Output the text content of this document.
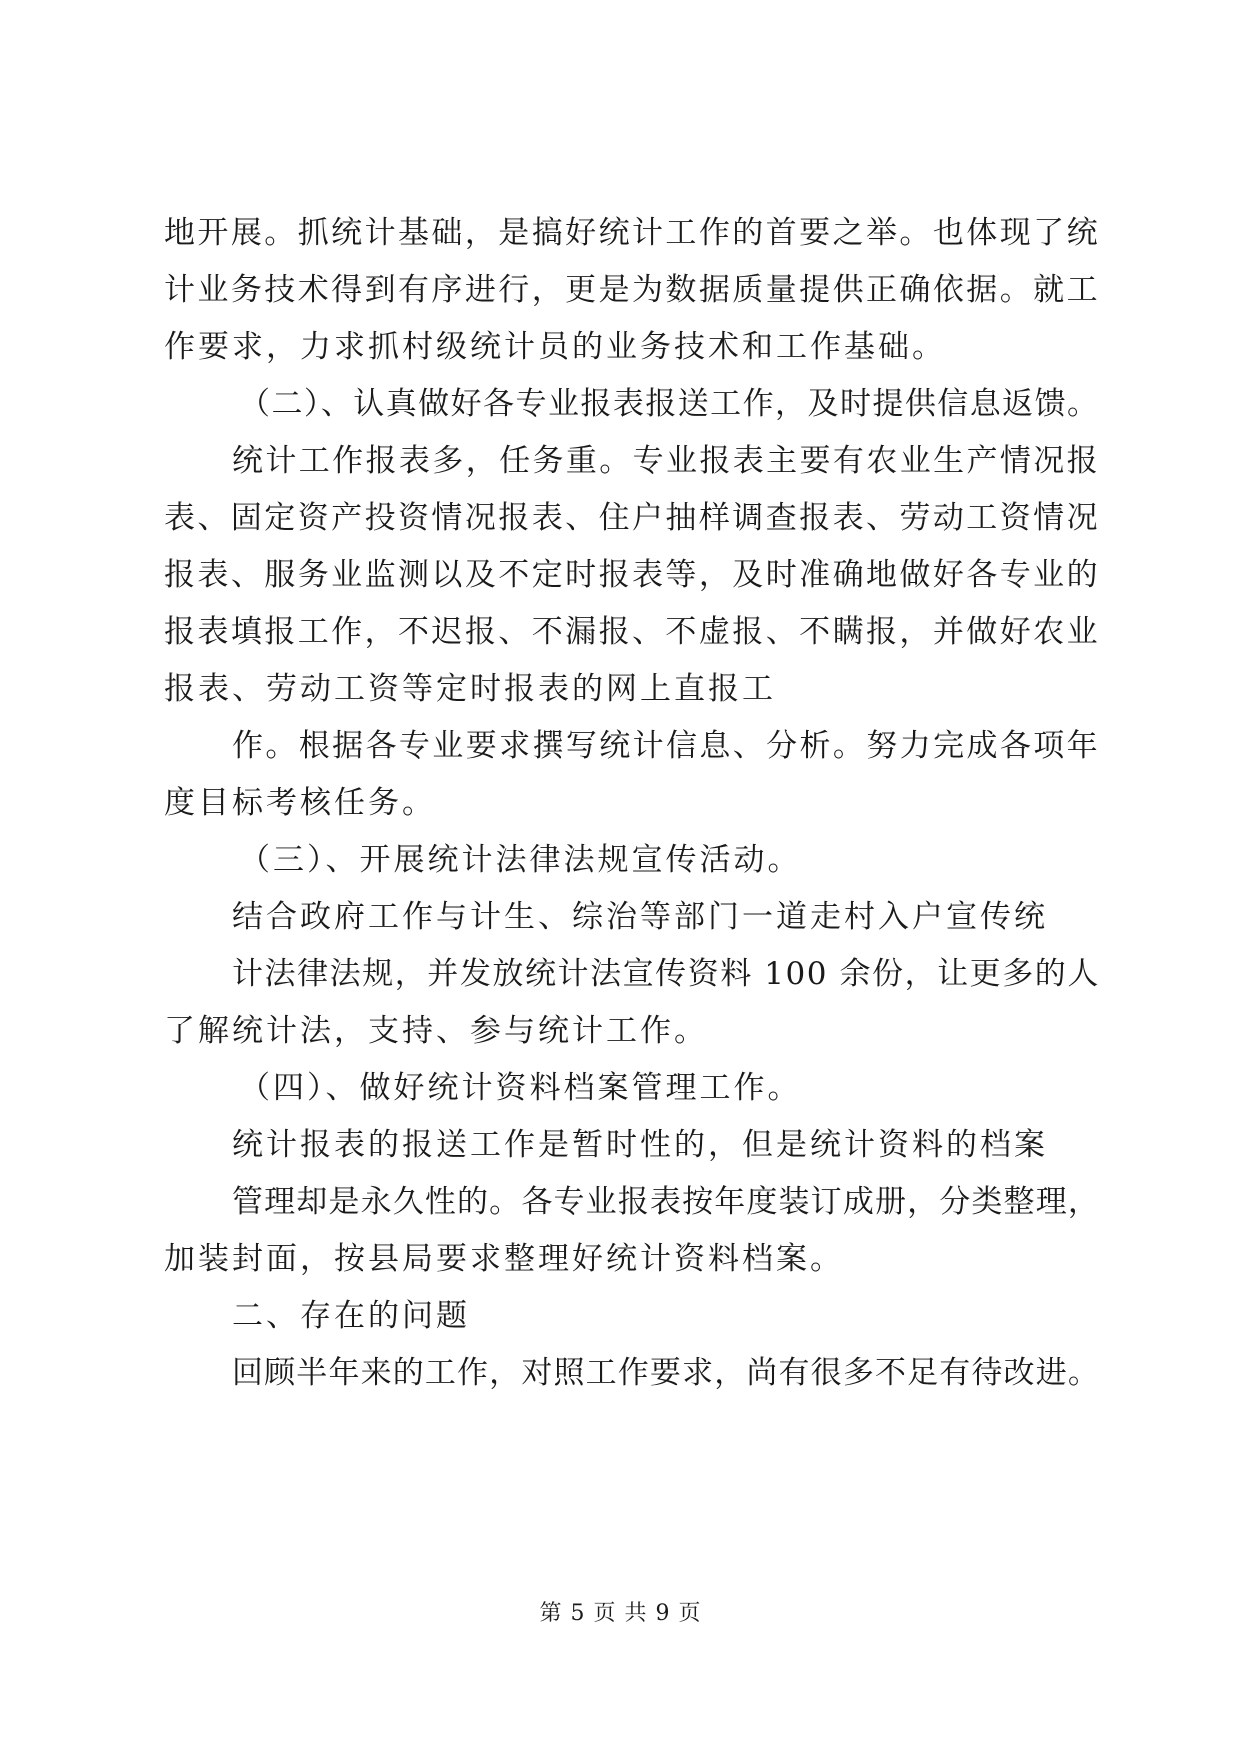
地开展。抓统计基础，是搞好统计工作的首要之举。也体现了统
计业务技术得到有序进行，更是为数据质量提供正确依据。就工
作要求，力求抓村级统计员的业务技术和工作基础。
（二）、认真做好各专业报表报送工作，及时提供信息返馈。
统计工作报表多，任务重。专业报表主要有农业生产情况报
表、固定资产投资情况报表、住户抽样调查报表、劳动工资情况
报表、服务业监测以及不定时报表等，及时准确地做好各专业的
报表填报工作，不迟报、不漏报、不虚报、不瞒报，并做好农业
报表、劳动工资等定时报表的网上直报工
作。根据各专业要求撰写统计信息、分析。努力完成各项年
度目标考核任务。
（三）、开展统计法律法规宣传活动。
结合政府工作与计生、综治等部门一道走村入户宣传统
计法律法规，并发放统计法宣传资料 100 余份，让更多的人
了解统计法，支持、参与统计工作。
（四）、做好统计资料档案管理工作。
统计报表的报送工作是暂时性的，但是统计资料的档案
管理却是永久性的。各专业报表按年度装订成册，分类整理，
加装封面，按县局要求整理好统计资料档案。
二、存在的问题
回顾半年来的工作，对照工作要求，尚有很多不足有待改进。
第 5 页 共 9 页
